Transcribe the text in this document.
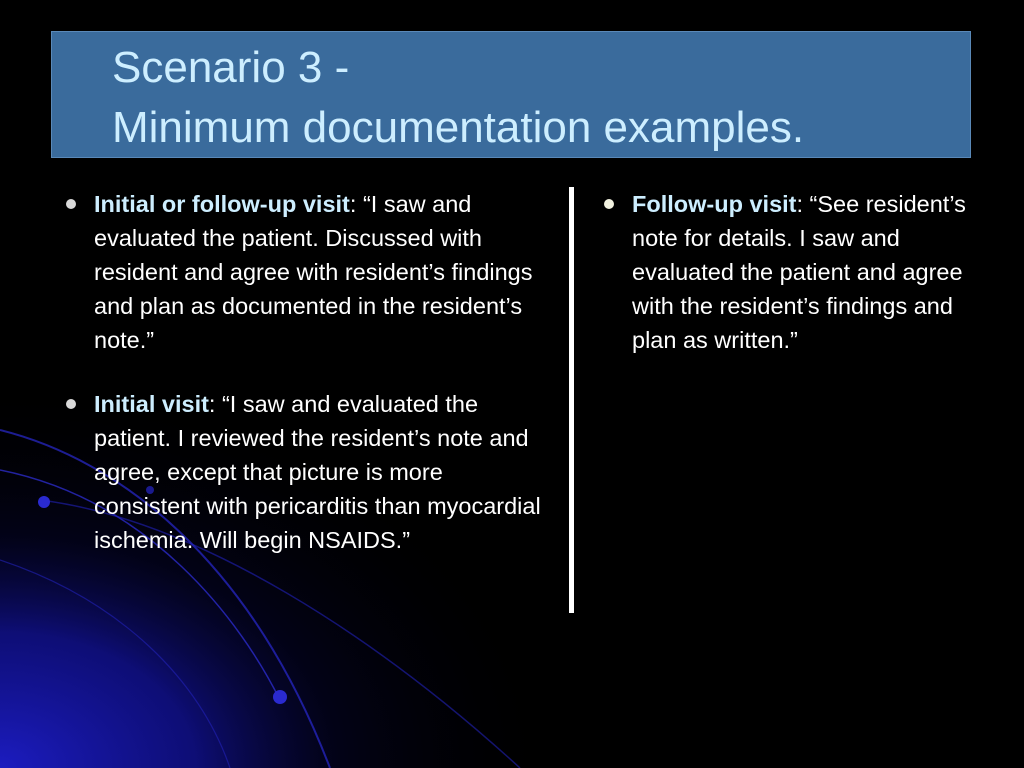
Scenario 3 -
Minimum documentation examples.
Initial or follow-up visit: “I saw and evaluated the patient. Discussed with resident and agree with resident’s findings and plan as documented in the resident’s note.”
Initial visit: “I saw and evaluated the patient. I reviewed the resident’s note and agree, except that picture is more consistent with pericarditis than myocardial ischemia. Will begin NSAIDS.”
Follow-up visit: “See resident’s note for details. I saw and evaluated the patient and agree with the resident’s findings and plan as written.”
